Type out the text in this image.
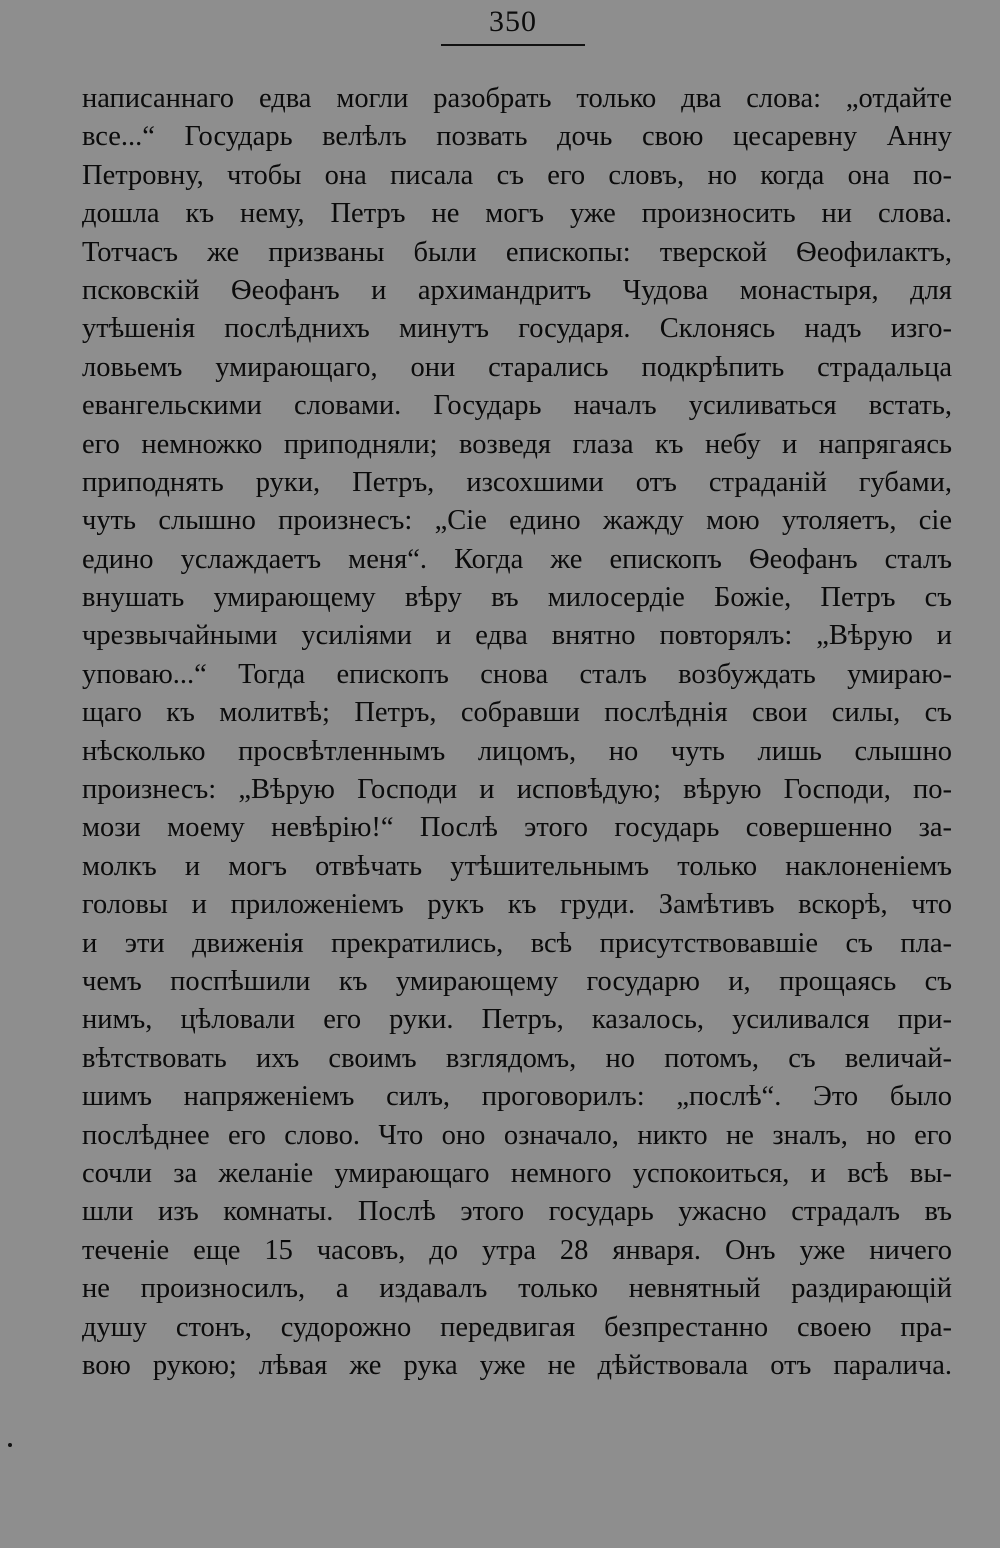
350
написаннаго едва могли разобрать только два слова: „отдайте
все...“ Государь велѣлъ позвать дочь свою цесаревну Анну
Петровну, чтобы она писала съ его словъ, но когда она по-
дошла къ нему, Петръ не могъ уже произносить ни слова.
Тотчасъ же призваны были епископы: тверской Ѳеофилактъ,
псковскій Ѳеофанъ и архимандритъ Чудова монастыря, для
утѣшенія послѣднихъ минутъ государя. Склонясь надъ изго-
ловьемъ умирающаго, они старались подкрѣпить страдальца
евангельскими словами. Государь началъ усиливаться встать,
его немножко приподняли; возведя глаза къ небу и напрягаясь
приподнять руки, Петръ, изсохшими отъ страданій губами,
чуть слышно произнесъ: „Сіе едино жажду мою утоляетъ, сіе
едино услаждаетъ меня“. Когда же епископъ Ѳеофанъ сталъ
внушать умирающему вѣру въ милосердіе Божіе, Петръ съ
чрезвычайными усиліями и едва внятно повторялъ: „Вѣрую и
уповаю...“ Тогда епископъ снова сталъ возбуждать умираю-
щаго къ молитвѣ; Петръ, собравши послѣднія свои силы, съ
нѣсколько просвѣтленнымъ лицомъ, но чуть лишь слышно
произнесъ: „Вѣрую Господи и исповѣдую; вѣрую Господи, по-
мози моему невѣрію!“ Послѣ этого государь совершенно за-
молкъ и могъ отвѣчать утѣшительнымъ только наклоненіемъ
головы и приложеніемъ рукъ къ груди. Замѣтивъ вскорѣ, что
и эти движенія прекратились, всѣ присутствовавшіе съ пла-
чемъ поспѣшили къ умирающему государю и, прощаясь съ
нимъ, цѣловали его руки. Петръ, казалось, усиливался при-
вѣтствовать ихъ своимъ взглядомъ, но потомъ, съ величай-
шимъ напряженіемъ силъ, проговорилъ: „послѣ“. Это было
послѣднее его слово. Что оно означало, никто не зналъ, но его
сочли за желаніе умирающаго немного успокоиться, и всѣ вы-
шли изъ комнаты. Послѣ этого государь ужасно страдалъ въ
теченіе еще 15 часовъ, до утра 28 января. Онъ уже ничего
не произносилъ, а издавалъ только невнятный раздирающій
душу стонъ, судорожно передвигая безпрестанно своею пра-
вою рукою; лѣвая же рука уже не дѣйствовала отъ паралича.
